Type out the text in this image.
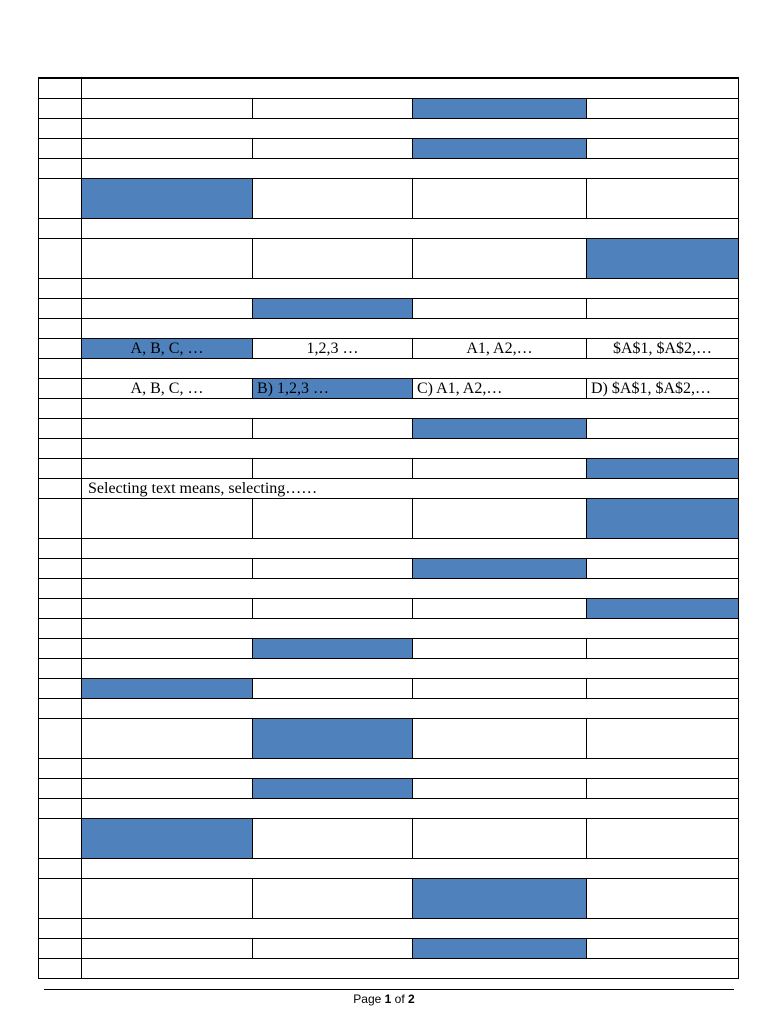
A, B, C, …	1,2,3 …	A1, A2,…	$A$1, $A$2,…
A, B, C, …	B) 1,2,3 …	C) A1, A2,…	D) $A$1, $A$2,…
Selecting text means, selecting……
Page 1 of 2
